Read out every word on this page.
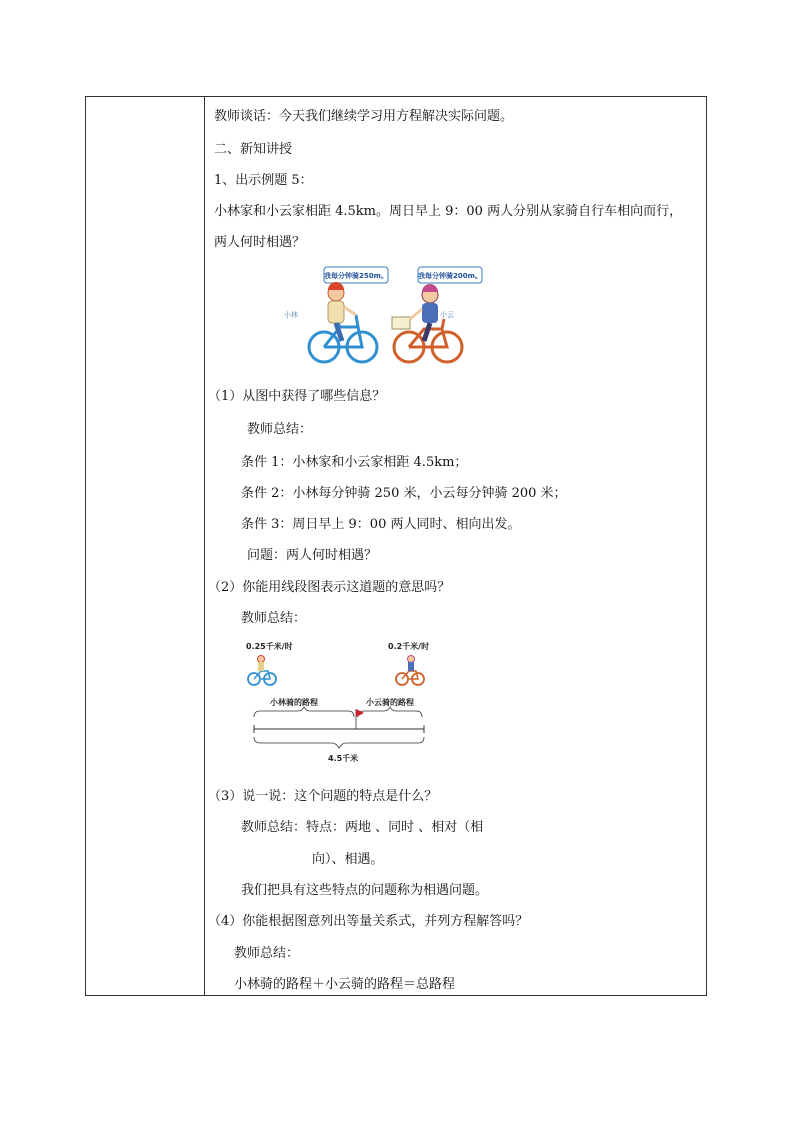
教师谈话：今天我们继续学习用方程解决实际问题。
二、新知讲授
1、出示例题 5：
小林家和小云家相距 4.5km。周日早上 9：00 两人分别从家骑自行车相向而行，
两人何时相遇？
我每分钟骑250m。	我每分钟骑200m。
小林	小云
（1）从图中获得了哪些信息？
教师总结：
条件 1：小林家和小云家相距 4.5km；
条件 2：小林每分钟骑 250 米，小云每分钟骑 200 米；
条件 3：周日早上 9：00 两人同时、相向出发。
问题：两人何时相遇？
（2）你能用线段图表示这道题的意思吗？
教师总结：
0.25千米/时	0.2千米/时
小林骑的路程	小云骑的路程
4.5千米
（3）说一说：这个问题的特点是什么？
教师总结：特点：两地 、同时 、相对（相
向）、相遇。
我们把具有这些特点的问题称为相遇问题。
（4）你能根据图意列出等量关系式，并列方程解答吗？
教师总结：
小林骑的路程＋小云骑的路程＝总路程
